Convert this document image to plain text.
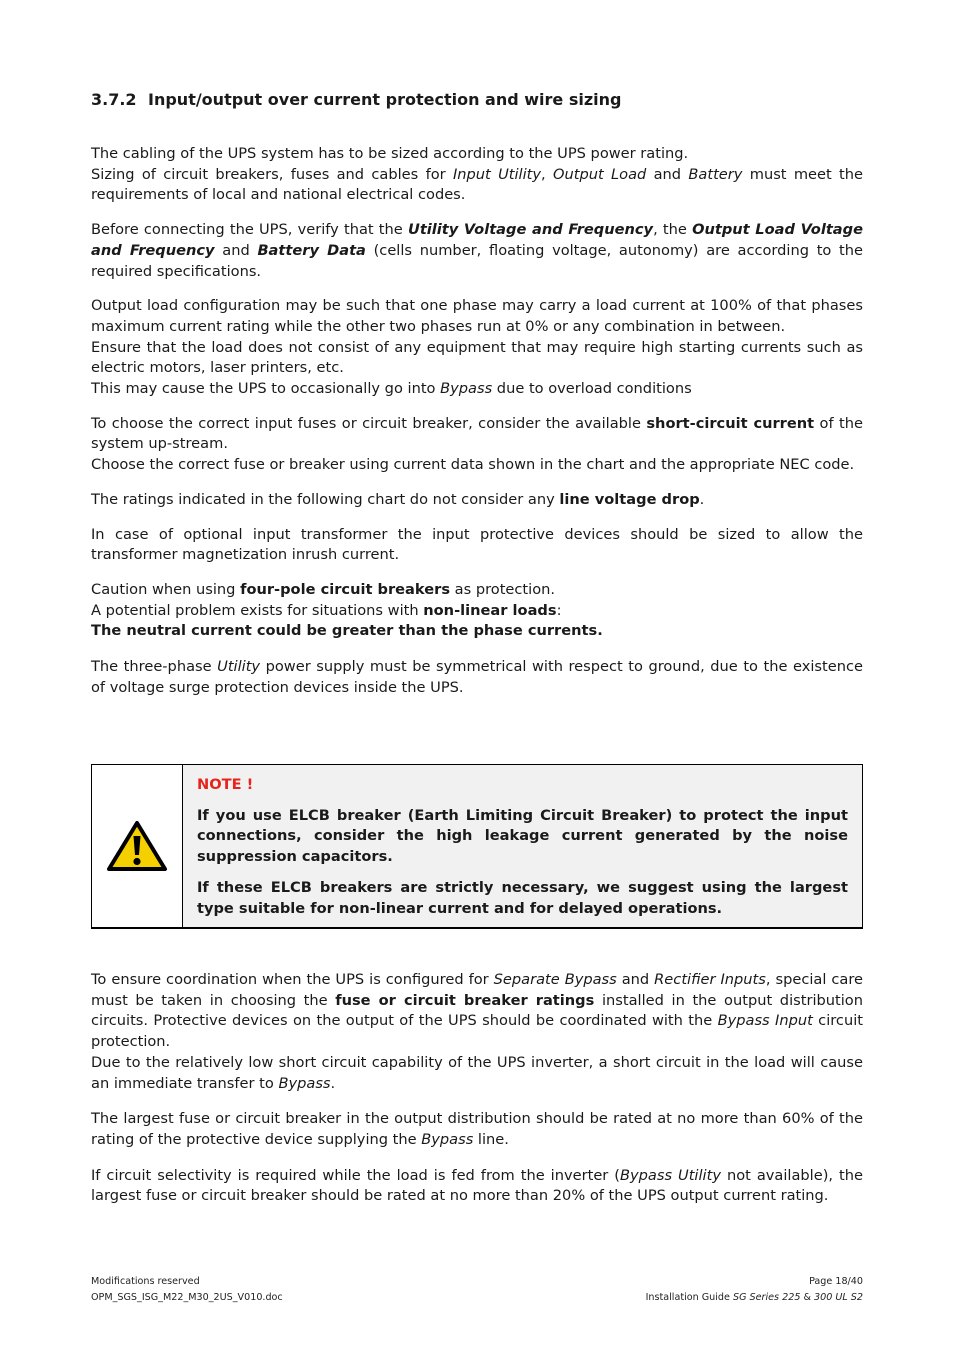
3.7.2 Input/output over current protection and wire sizing

The cabling of the UPS system has to be sized according to the UPS power rating.

Sizing of circuit breakers, fuses and cables for Input Utility, Output Load and Battery must meet the requirements of local and national electrical codes.

Before connecting the UPS, verify that the Utility Voltage and Frequency, the Output Load Voltage and Frequency and Battery Data (cells number, floating voltage, autonomy) are according to the required specifications.

Output load configuration may be such that one phase may carry a load current at 100% of that phases maximum current rating while the other two phases run at 0% or any combination in between.

Ensure that the load does not consist of any equipment that may require high starting currents such as electric motors, laser printers, etc.

This may cause the UPS to occasionally go into Bypass due to overload conditions

To choose the correct input fuses or circuit breaker, consider the available short-circuit current of the system up-stream.

Choose the correct fuse or breaker using current data shown in the chart and the appropriate NEC code.

The ratings indicated in the following chart do not consider any line voltage drop.

In case of optional input transformer the input protective devices should be sized to allow the transformer magnetization inrush current.

Caution when using four-pole circuit breakers as protection.

A potential problem exists for situations with non-linear loads:

The neutral current could be greater than the phase currents.

The three-phase Utility power supply must be symmetrical with respect to ground, due to the existence of voltage surge protection devices inside the UPS.

NOTE !

If you use ELCB breaker (Earth Limiting Circuit Breaker) to protect the input connections, consider the high leakage current generated by the noise suppression capacitors.

If these ELCB breakers are strictly necessary, we suggest using the largest type suitable for non-linear current and for delayed operations.

To ensure coordination when the UPS is configured for Separate Bypass and Rectifier Inputs, special care must be taken in choosing the fuse or circuit breaker ratings installed in the output distribution circuits. Protective devices on the output of the UPS should be coordinated with the Bypass Input circuit protection.

Due to the relatively low short circuit capability of the UPS inverter, a short circuit in the load will cause an immediate transfer to Bypass.

The largest fuse or circuit breaker in the output distribution should be rated at no more than 60% of the rating of the protective device supplying the Bypass line.

If circuit selectivity is required while the load is fed from the inverter (Bypass Utility not available), the largest fuse or circuit breaker should be rated at no more than 20% of the UPS output current rating.

Modifications reserved	Page 18/40
OPM_SGS_ISG_M22_M30_2US_V010.doc	Installation Guide SG Series 225 & 300 UL S2
